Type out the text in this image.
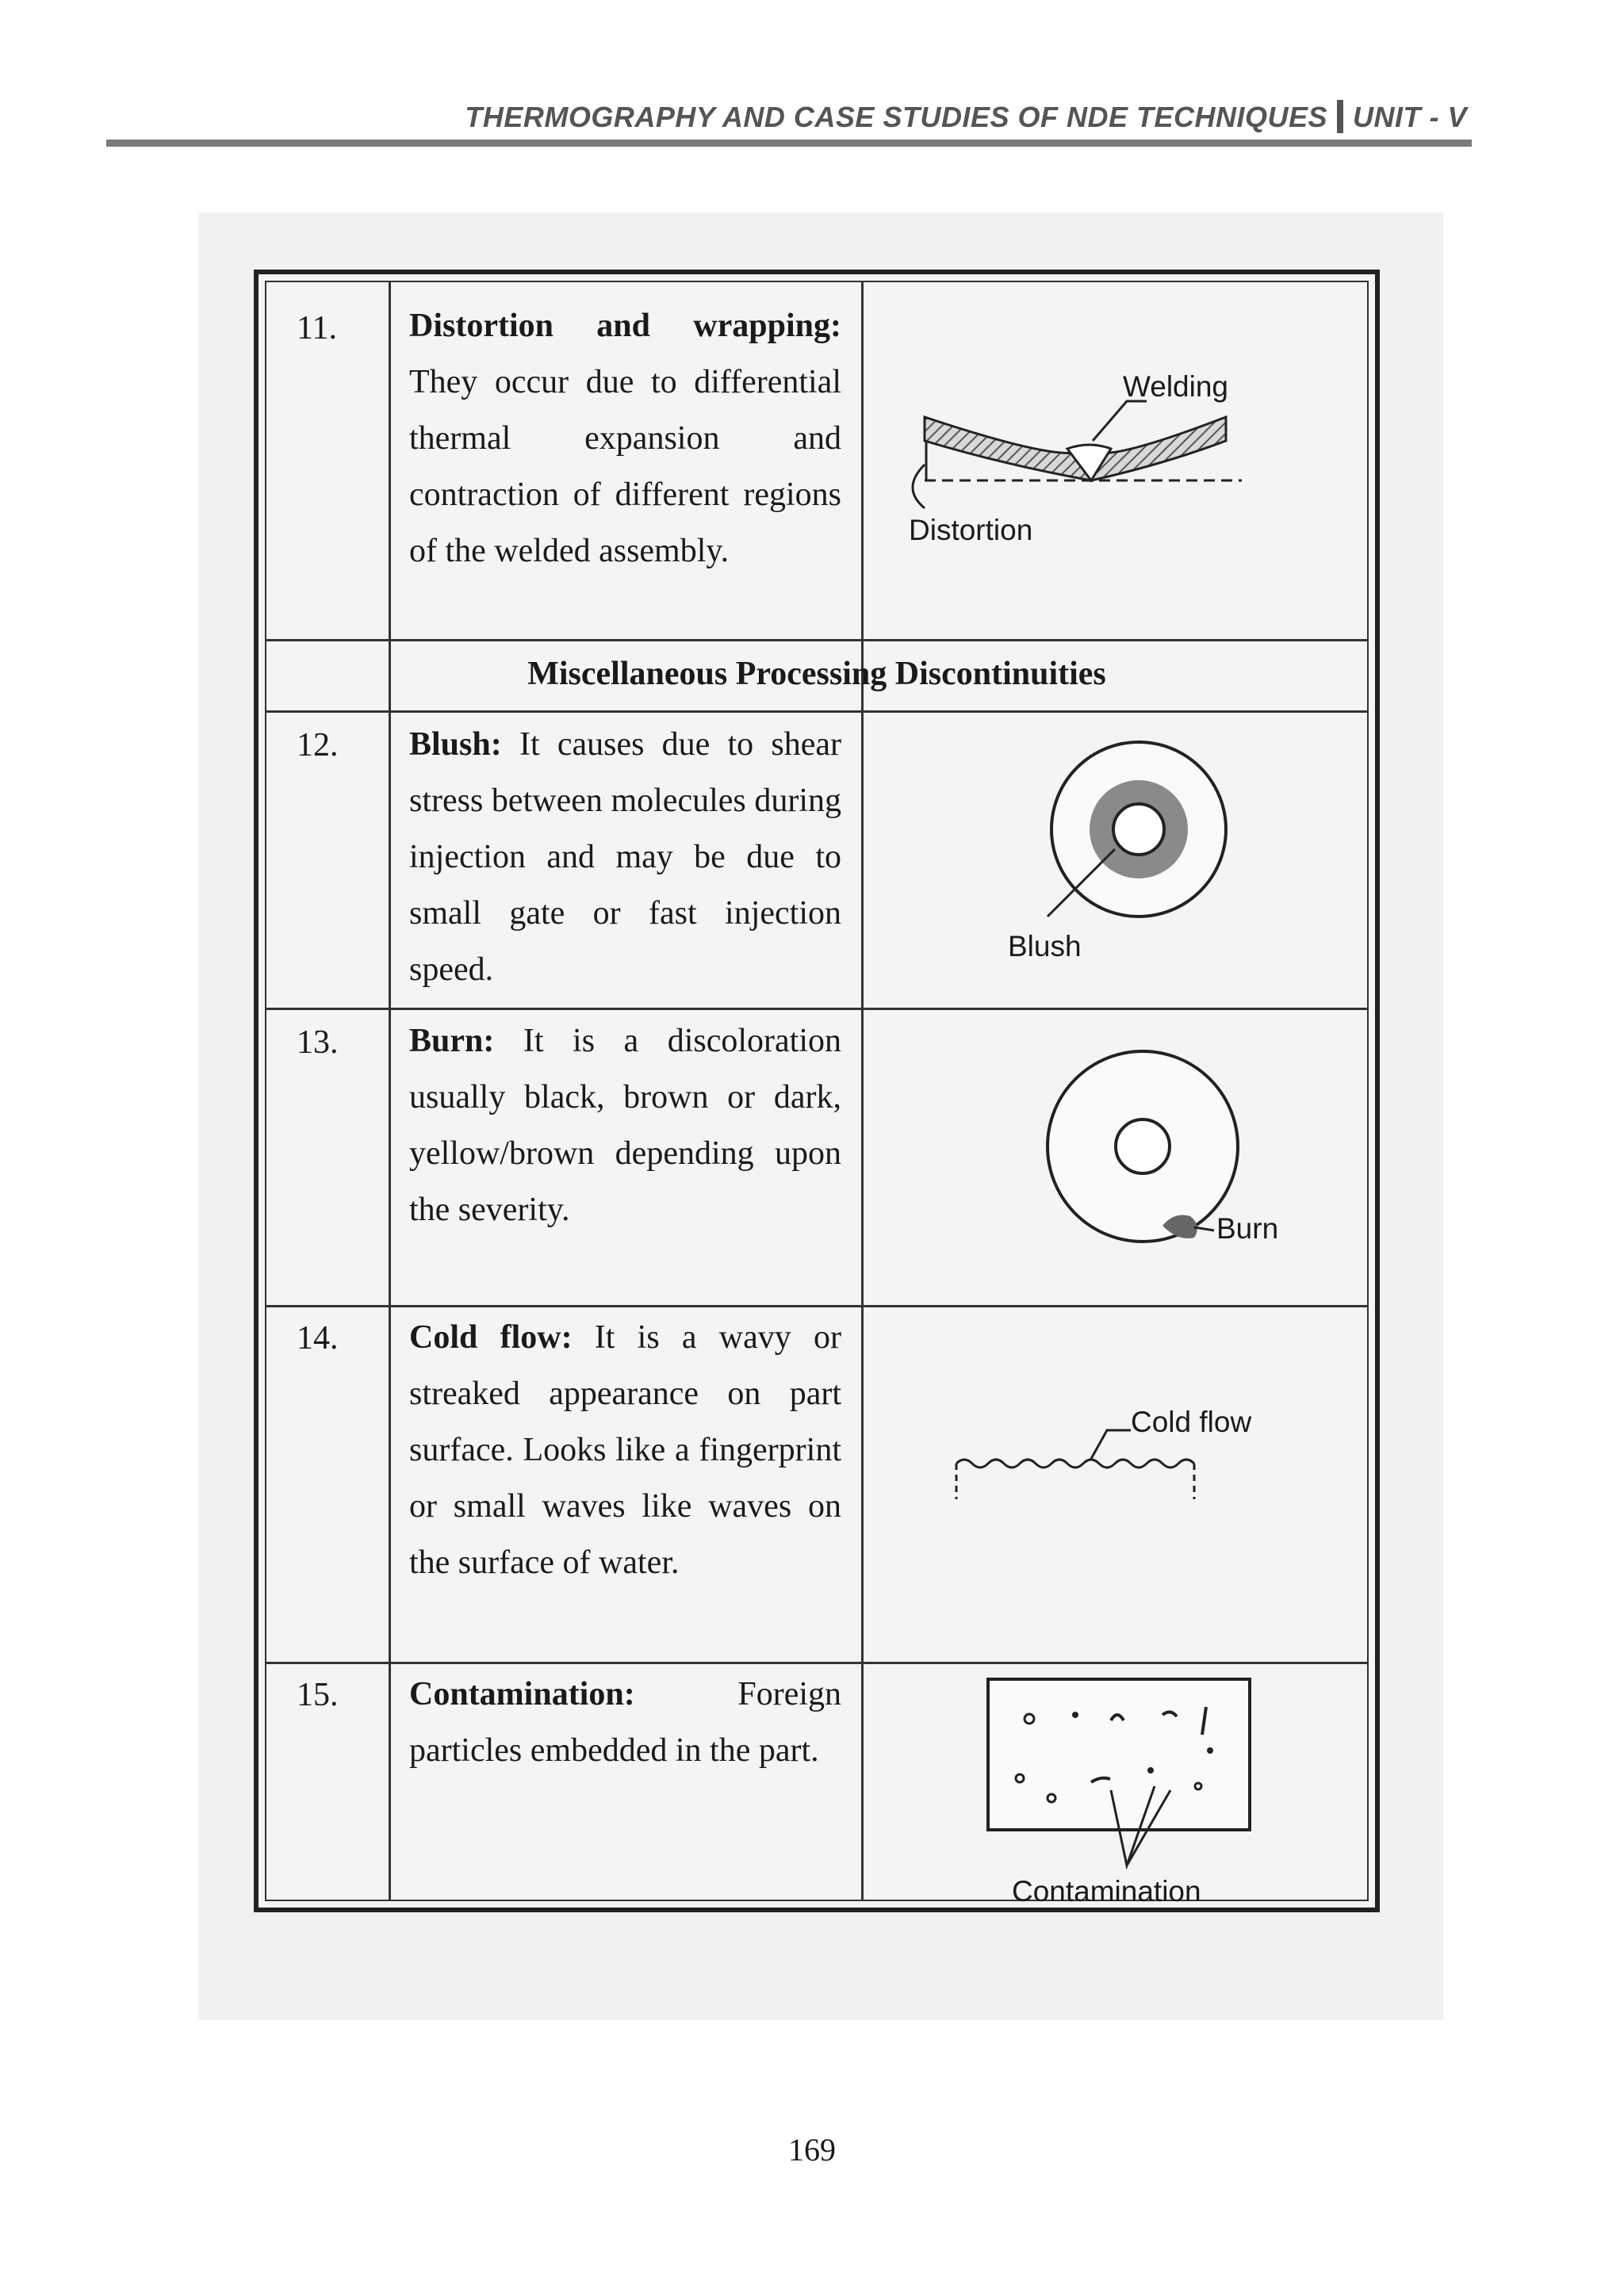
THERMOGRAPHY AND CASE STUDIES OF NDE TECHNIQUES UNIT - V
11. Distortion and wrapping: They occur due to differential thermal expansion and contraction of different regions of the welded assembly.
Welding
Distortion
Miscellaneous Processing Discontinuities
12. Blush: It causes due to shear stress between molecules during injection and may be due to small gate or fast injection speed.
Blush
13. Burn: It is a discoloration usually black, brown or dark, yellow/brown depending upon the severity.
Burn
14. Cold flow: It is a wavy or streaked appearance on part surface. Looks like a fingerprint or small waves like waves on the surface of water.
Cold flow
15. Contamination:	Foreign particles embedded in the part.
Contamination
169
